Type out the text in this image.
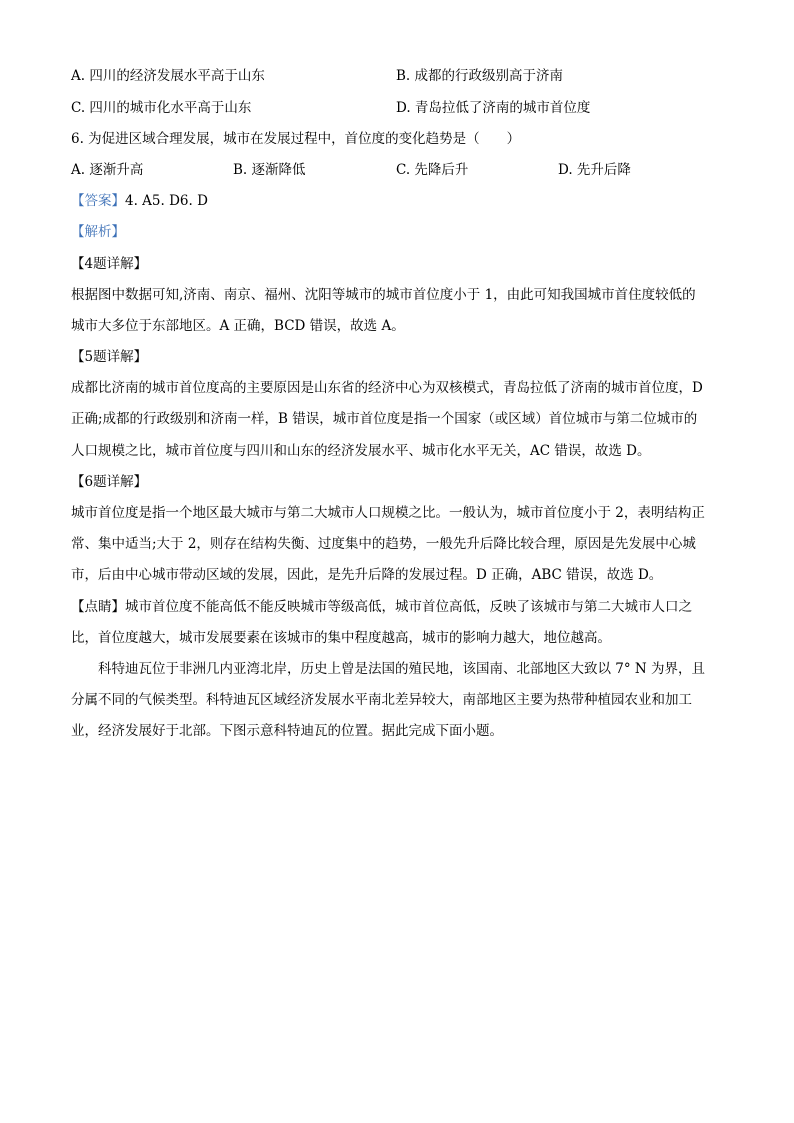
A. 四川的经济发展水平高于山东	B. 成都的行政级别高于济南
C. 四川的城市化水平高于山东	D. 青岛拉低了济南的城市首位度
6. 为促进区域合理发展，城市在发展过程中，首位度的变化趋势是（　　）
A. 逐渐升高	B. 逐渐降低	C. 先降后升	D. 先升后降
【答案】4. A5. D6. D
【解析】
【4题详解】
根据图中数据可知,济南、南京、福州、沈阳等城市的城市首位度小于 1，由此可知我国城市首住度较低的
城市大多位于东部地区。A 正确，BCD 错误，故选 A。
【5题详解】
成都比济南的城市首位度高的主要原因是山东省的经济中心为双核模式，青岛拉低了济南的城市首位度，D
正确;成都的行政级别和济南一样，B 错误，城市首位度是指一个国家（或区域）首位城市与第二位城市的
人口规模之比，城市首位度与四川和山东的经济发展水平、城市化水平无关，AC 错误，故选 D。
【6题详解】
城市首位度是指一个地区最大城市与第二大城市人口规模之比。一般认为，城市首位度小于 2，表明结构正
常、集中适当;大于 2，则存在结构失衡、过度集中的趋势，一般先升后降比较合理，原因是先发展中心城
市，后由中心城市带动区域的发展，因此，是先升后降的发展过程。D 正确，ABC 错误，故选 D。
【点睛】城市首位度不能高低不能反映城市等级高低，城市首位高低，反映了该城市与第二大城市人口之
比，首位度越大，城市发展要素在该城市的集中程度越高，城市的影响力越大，地位越高。
科特迪瓦位于非洲几内亚湾北岸，历史上曾是法国的殖民地，该国南、北部地区大致以 7° N 为界，且
分属不同的气候类型。科特迪瓦区域经济发展水平南北差异较大，南部地区主要为热带种植园农业和加工
业，经济发展好于北部。下图示意科特迪瓦的位置。据此完成下面小题。
